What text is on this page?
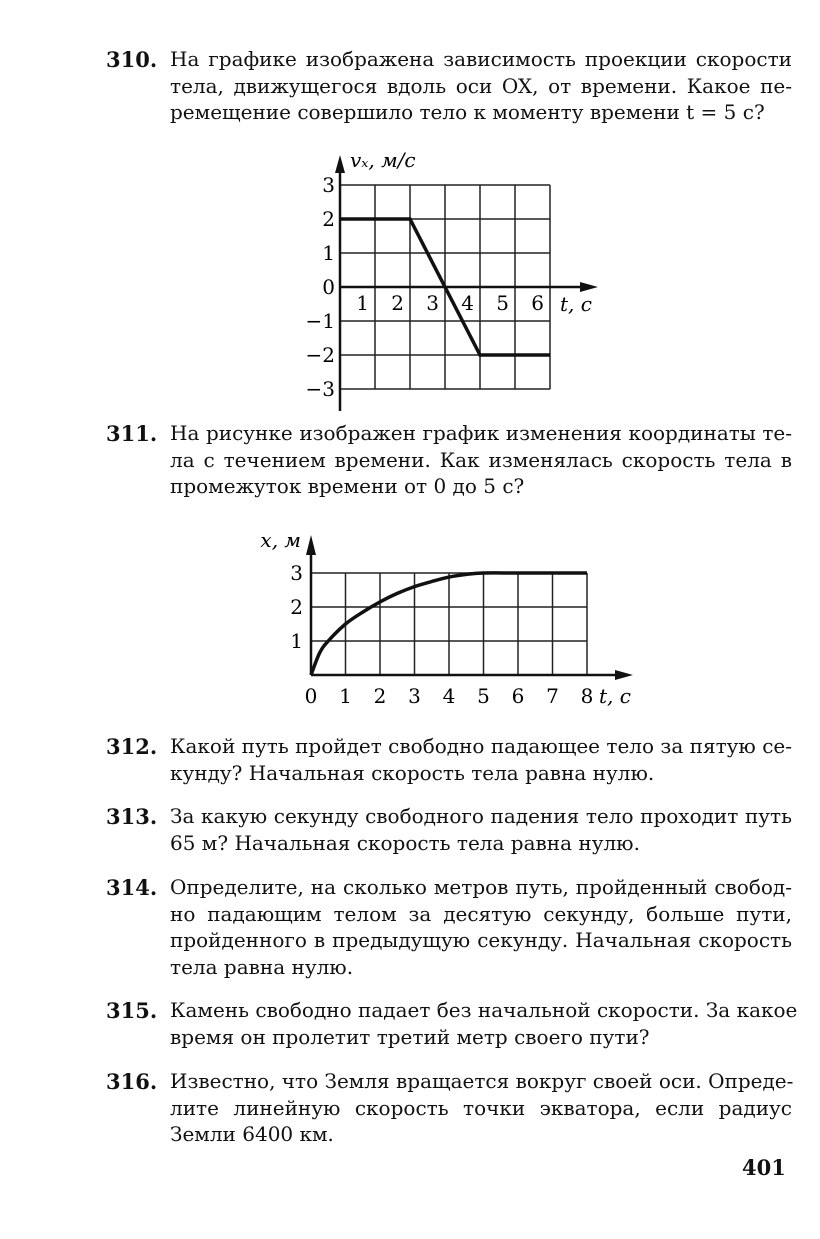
310. На графике изображена зависимость проекции скорости
тела, движущегося вдоль оси OX, от времени. Какое пе-
ремещение совершило тело к моменту времени t = 5 с?
1 2 3 4 5 6
3
2
1
0
−1
−2
−3
vₓ, м/с
t, с
311. На рисунке изображен график изменения координаты те-
ла с течением времени. Как изменялась скорость тела в
промежуток времени от 0 до 5 с?
0 1 2 3 4 5 6 7 8
1
2
3
x, м
t, с
312. Какой путь пройдет свободно падающее тело за пятую се-
кунду? Начальная скорость тела равна нулю.
313. За какую секунду свободного падения тело проходит путь
65 м? Начальная скорость тела равна нулю.
314. Определите, на сколько метров путь, пройденный свобод-
но падающим телом за десятую секунду, больше пути,
пройденного в предыдущую секунду. Начальная скорость
тела равна нулю.
315. Камень свободно падает без начальной скорости. За какое
время он пролетит третий метр своего пути?
316. Известно, что Земля вращается вокруг своей оси. Опреде-
лите линейную скорость точки экватора, если радиус
Земли 6400 км.
401
